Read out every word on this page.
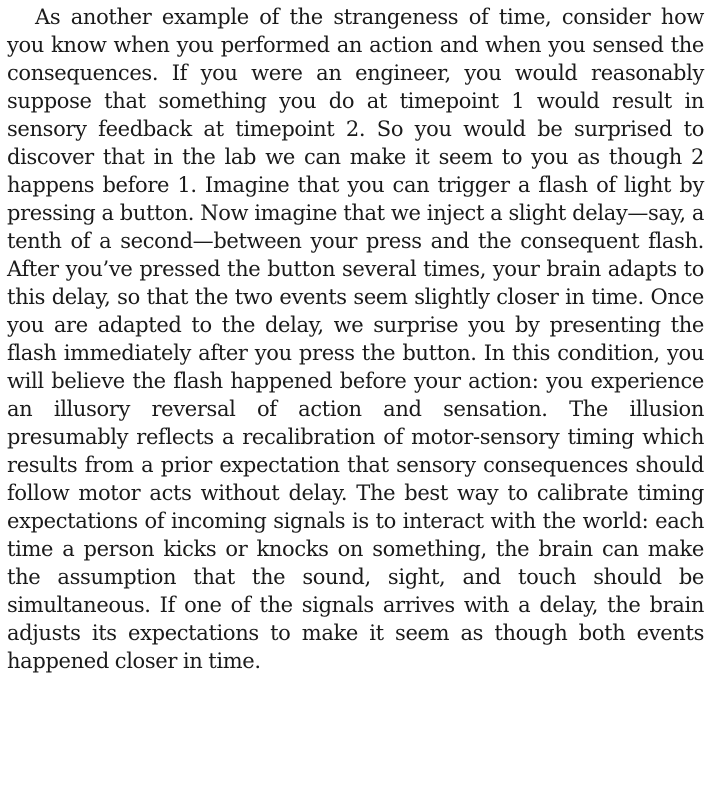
As another example of the strangeness of time, consider how you know when you performed an action and when you sensed the consequences. If you were an engineer, you would reasonably suppose that something you do at timepoint 1 would result in sensory feedback at timepoint 2. So you would be surprised to discover that in the lab we can make it seem to you as though 2 happens before 1. Imagine that you can trigger a flash of light by pressing a button. Now imagine that we inject a slight delay—say, a tenth of a second—between your press and the consequent flash. After you’ve pressed the button several times, your brain adapts to this delay, so that the two events seem slightly closer in time. Once you are adapted to the delay, we surprise you by presenting the flash immediately after you press the button. In this condition, you will believe the flash happened before your action: you experience an illusory reversal of action and sensation. The illusion presumably reflects a recalibration of motor-sensory timing which results from a prior expectation that sensory consequences should follow motor acts without delay. The best way to calibrate timing expectations of incoming signals is to interact with the world: each time a person kicks or knocks on something, the brain can make the assumption that the sound, sight, and touch should be simultaneous. If one of the signals arrives with a delay, the brain adjusts its expectations to make it seem as though both events happened closer in time.
